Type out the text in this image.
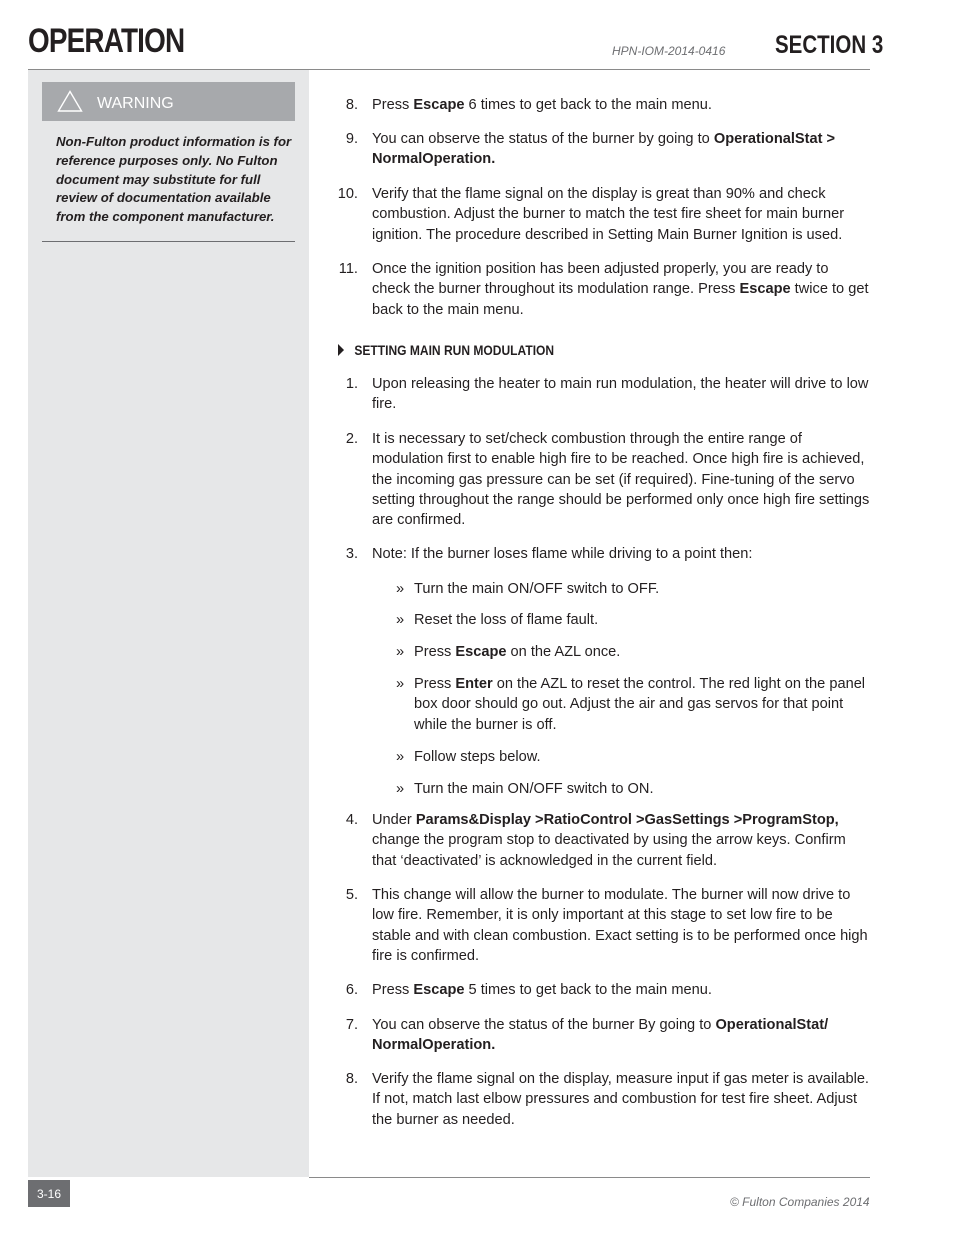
OPERATION	HPN-IOM-2014-0416 SECTION 3
WARNING
Non-Fulton product information is for reference purposes only. No Fulton document may substitute for full review of documentation available from the component manufacturer.
8. Press Escape 6 times to get back to the main menu.
9. You can observe the status of the burner by going to OperationalStat > NormalOperation.
10. Verify that the flame signal on the display is great than 90% and check combustion. Adjust the burner to match the test fire sheet for main burner ignition. The procedure described in Setting Main Burner Ignition is used.
11. Once the ignition position has been adjusted properly, you are ready to check the burner throughout its modulation range. Press Escape twice to get back to the main menu.
SETTING MAIN RUN MODULATION
1. Upon releasing the heater to main run modulation, the heater will drive to low fire.
2. It is necessary to set/check combustion through the entire range of modulation first to enable high fire to be reached. Once high fire is achieved, the incoming gas pressure can be set (if required). Fine-tuning of the servo setting throughout the range should be performed only once high fire settings are confirmed.
3. Note: If the burner loses flame while driving to a point then:
» Turn the main ON/OFF switch to OFF.
» Reset the loss of flame fault.
» Press Escape on the AZL once.
» Press Enter on the AZL to reset the control. The red light on the panel box door should go out. Adjust the air and gas servos for that point while the burner is off.
» Follow steps below.
» Turn the main ON/OFF switch to ON.
4. Under Params&Display >RatioControl >GasSettings >ProgramStop, change the program stop to deactivated by using the arrow keys. Confirm that ‘deactivated’ is acknowledged in the current field.
5. This change will allow the burner to modulate. The burner will now drive to low fire. Remember, it is only important at this stage to set low fire to be stable and with clean combustion. Exact setting is to be performed once high fire is confirmed.
6. Press Escape 5 times to get back to the main menu.
7. You can observe the status of the burner By going to OperationalStat/ NormalOperation.
8. Verify the flame signal on the display, measure input if gas meter is available. If not, match last elbow pressures and combustion for test fire sheet. Adjust the burner as needed.
3-16
© Fulton Companies 2014
